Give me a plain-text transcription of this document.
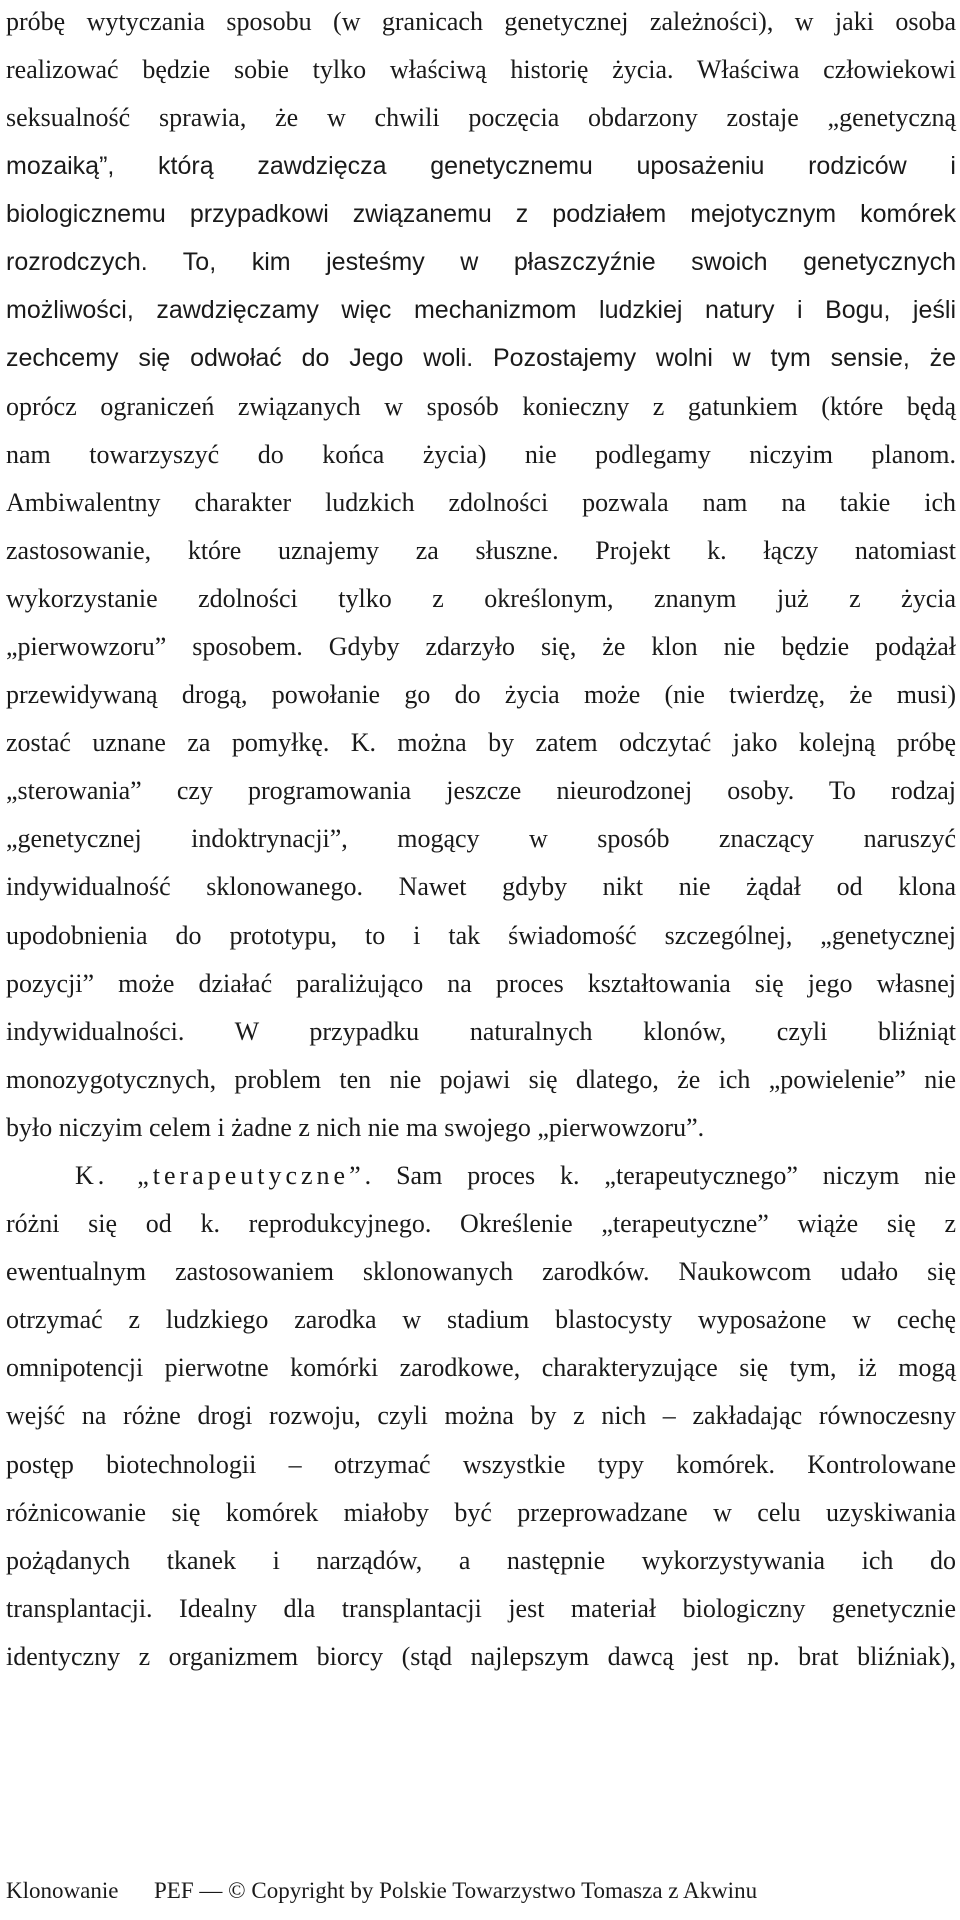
próbę wytyczania sposobu (w granicach genetycznej zależności), w jaki osoba
realizować będzie sobie tylko właściwą historię życia. Właściwa człowiekowi
seksualność sprawia, że w chwili poczęcia obdarzony zostaje „genetyczną
mozaiką”, którą zawdzięcza genetycznemu uposażeniu rodziców i
biologicznemu przypadkowi związanemu z podziałem mejotycznym komórek
rozrodczych. To, kim jesteśmy w płaszczyźnie swoich genetycznych
możliwości, zawdzięczamy więc mechanizmom ludzkiej natury i Bogu, jeśli
zechcemy się odwołać do Jego woli. Pozostajemy wolni w tym sensie, że
oprócz ograniczeń związanych w sposób konieczny z gatunkiem (które będą
nam towarzyszyć do końca życia) nie podlegamy niczyim planom.
Ambiwalentny charakter ludzkich zdolności pozwala nam na takie ich
zastosowanie, które uznajemy za słuszne. Projekt k. łączy natomiast
wykorzystanie zdolności tylko z określonym, znanym już z życia
„pierwowzoru” sposobem. Gdyby zdarzyło się, że klon nie będzie podążał
przewidywaną drogą, powołanie go do życia może (nie twierdzę, że musi)
zostać uznane za pomyłkę. K. można by zatem odczytać jako kolejną próbę
„sterowania” czy programowania jeszcze nieurodzonej osoby. To rodzaj
„genetycznej indoktrynacji”, mogący w sposób znaczący naruszyć
indywidualność sklonowanego. Nawet gdyby nikt nie żądał od klona
upodobnienia do prototypu, to i tak świadomość szczególnej, „genetycznej
pozycji” może działać paraliżująco na proces kształtowania się jego własnej
indywidualności. W przypadku naturalnych klonów, czyli bliźniąt
monozygotycznych, problem ten nie pojawi się dlatego, że ich „powielenie” nie
było niczyim celem i żadne z nich nie ma swojego „pierwowzoru”.
K. „terapeutyczne”. Sam proces k. „terapeutycznego” niczym nie
różni się od k. reprodukcyjnego. Określenie „terapeutyczne” wiąże się z
ewentualnym zastosowaniem sklonowanych zarodków. Naukowcom udało się
otrzymać z ludzkiego zarodka w stadium blastocysty wyposażone w cechę
omnipotencji pierwotne komórki zarodkowe, charakteryzujące się tym, iż mogą
wejść na różne drogi rozwoju, czyli można by z nich – zakładając równoczesny
postęp biotechnologii – otrzymać wszystkie typy komórek. Kontrolowane
różnicowanie się komórek miałoby być przeprowadzane w celu uzyskiwania
pożądanych tkanek i narządów, a następnie wykorzystywania ich do
transplantacji. Idealny dla transplantacji jest materiał biologiczny genetycznie
identyczny z organizmem biorcy (stąd najlepszym dawcą jest np. brat bliźniak),
Klonowanie PEF — © Copyright by Polskie Towarzystwo Tomasza z Akwinu
